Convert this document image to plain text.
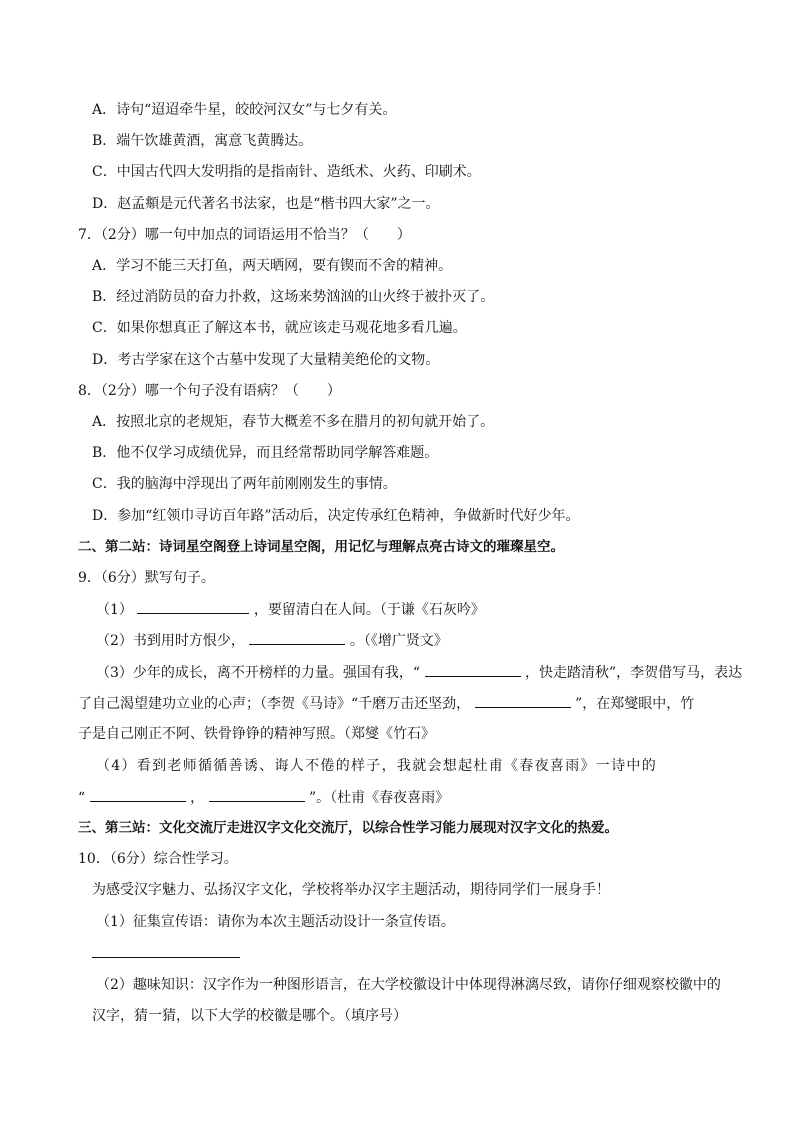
A．诗句“迢迢牵牛星，皎皎河汉女”与七夕有关。
B．端午饮雄黄酒，寓意飞黄腾达。
C．中国古代四大发明指的是指南针、造纸术、火药、印刷术。
D．赵孟頫是元代著名书法家，也是“楷书四大家”之一。
7．（2分）哪一句中加点的词语运用不恰当？（　　）
A．学习不能三天打鱼，两天晒网，要有锲而不舍的精神。
B．经过消防员的奋力扑救，这场来势汹汹的山火终于被扑灭了。
C．如果你想真正了解这本书，就应该走马观花地多看几遍。
D．考古学家在这个古墓中发现了大量精美绝伦的文物。
8．（2分）哪一个句子没有语病？（　　）
A．按照北京的老规矩，春节大概差不多在腊月的初旬就开始了。
B．他不仅学习成绩优异，而且经常帮助同学解答难题。
C．我的脑海中浮现出了两年前刚刚发生的事情。
D．参加“红领巾寻访百年路”活动后，决定传承红色精神，争做新时代好少年。
二、第二站：诗词星空阁登上诗词星空阁，用记忆与理解点亮古诗文的璀璨星空。
9．（6分）默写句子。
（1）	，要留清白在人间。（于谦《石灰吟》
（2）书到用时方恨少，	。（《增广贤文》
（3）少年的成长，离不开榜样的力量。强国有我，“	，快走踏清秋”，李贺借写马，表达
了自己渴望建功立业的心声；（李贺《马诗》“千磨万击还坚劲，	”，在郑燮眼中，竹
子是自己刚正不阿、铁骨铮铮的精神写照。（郑燮《竹石》
（4）看到老师循循善诱、诲人不倦的样子，我就会想起杜甫《春夜喜雨》一诗中的
“	，	”。（杜甫《春夜喜雨》
三、第三站：文化交流厅走进汉字文化交流厅，以综合性学习能力展现对汉字文化的热爱。
10．（6分）综合性学习。
为感受汉字魅力、弘扬汉字文化，学校将举办汉字主题活动，期待同学们一展身手！
（1）征集宣传语：请你为本次主题活动设计一条宣传语。
（2）趣味知识：汉字作为一种图形语言，在大学校徽设计中体现得淋漓尽致，请你仔细观察校徽中的
汉字，猜一猜，以下大学的校徽是哪个。（填序号）
